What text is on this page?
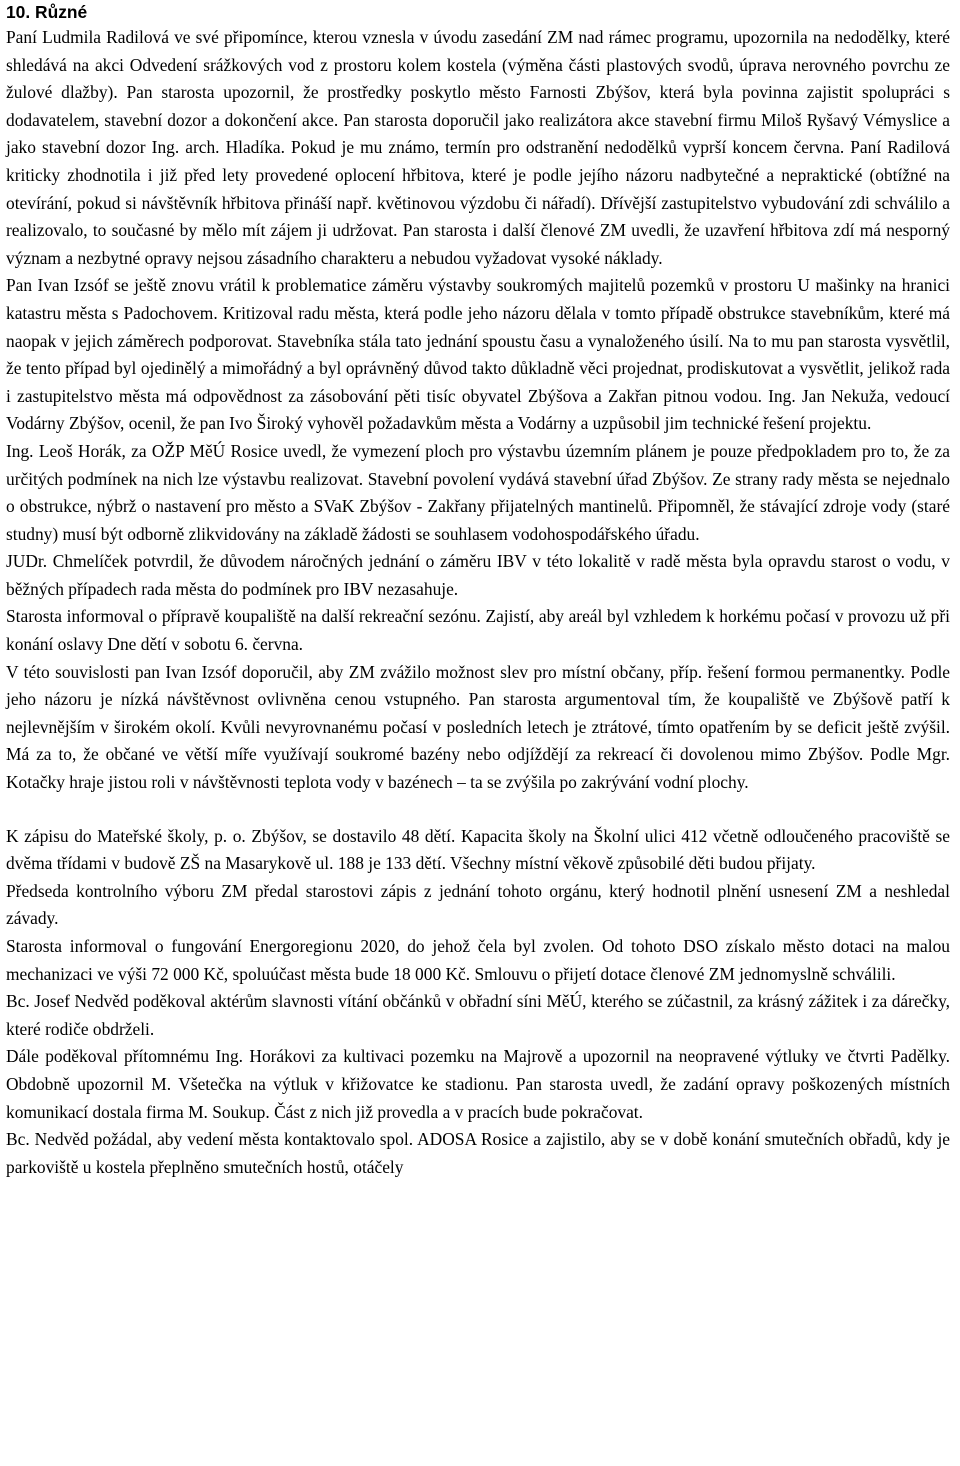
10. Různé

Paní Ludmila Radilová ve své připomínce, kterou vznesla v úvodu zasedání ZM nad rámec programu, upozornila na nedodělky, které shledává na akci Odvedení srážkových vod z prostoru kolem kostela (výměna části plastových svodů, úprava nerovného povrchu ze žulové dlažby). Pan starosta upozornil, že prostředky poskytlo město Farnosti Zbýšov, která byla povinna zajistit spolupráci s dodavatelem, stavební dozor a dokončení akce. Pan starosta doporučil jako realizátora akce stavební firmu Miloš Ryšavý Vémyslice a jako stavební dozor Ing. arch. Hladíka. Pokud je mu známo, termín pro odstranění nedodělků vyprší koncem června. Paní Radilová kriticky zhodnotila i již před lety provedené oplocení hřbitova, které je podle jejího názoru nadbytečné a nepraktické (obtížné na otevírání, pokud si návštěvník hřbitova přináší např. květinovou výzdobu či nářadí). Dřívější zastupitelstvo vybudování zdi schválilo a realizovalo, to současné by mělo mít zájem ji udržovat. Pan starosta i další členové ZM uvedli, že uzavření hřbitova zdí má nesporný význam a nezbytné opravy nejsou zásadního charakteru a nebudou vyžadovat vysoké náklady.

Pan Ivan Izsóf se ještě znovu vrátil k problematice záměru výstavby soukromých majitelů pozemků v prostoru U mašinky na hranici katastru města s Padochovem. Kritizoval radu města, která podle jeho názoru dělala v tomto případě obstrukce stavebníkům, které má naopak v jejich záměrech podporovat. Stavebníka stála tato jednání spoustu času a vynaloženého úsilí. Na to mu pan starosta vysvětlil, že tento případ byl ojedinělý a mimořádný a byl oprávněný důvod takto důkladně věci projednat, prodiskutovat a vysvětlit, jelikož rada i zastupitelstvo města má odpovědnost za zásobování pěti tisíc obyvatel Zbýšova a Zakřan pitnou vodou. Ing. Jan Nekuža, vedoucí Vodárny Zbýšov, ocenil, že pan Ivo Široký vyhověl požadavkům města a Vodárny a uzpůsobil jim technické řešení projektu.

Ing. Leoš Horák, za OŽP MěÚ Rosice uvedl, že vymezení ploch pro výstavbu územním plánem je pouze předpokladem pro to, že za určitých podmínek na nich lze výstavbu realizovat. Stavební povolení vydává stavební úřad Zbýšov. Ze strany rady města se nejednalo o obstrukce, nýbrž o nastavení pro město a SVaK Zbýšov - Zakřany přijatelných mantinelů. Připomněl, že stávající zdroje vody (staré studny) musí být odborně zlikvidovány na základě žádosti se souhlasem vodohospodářského úřadu.

JUDr. Chmelíček potvrdil, že důvodem náročných jednání o záměru IBV v této lokalitě v radě města byla opravdu starost o vodu, v běžných případech rada města do podmínek pro IBV nezasahuje.

Starosta informoval o přípravě koupaliště na další rekreační sezónu. Zajistí, aby areál byl vzhledem k horkému počasí v provozu už při konání oslavy Dne dětí v sobotu 6. června.

V této souvislosti pan Ivan Izsóf doporučil, aby ZM zvážilo možnost slev pro místní občany, příp. řešení formou permanentky. Podle jeho názoru je nízká návštěvnost ovlivněna cenou vstupného. Pan starosta argumentoval tím, že koupaliště ve Zbýšově patří k nejlevnějším v širokém okolí. Kvůli nevyrovnanému počasí v posledních letech je ztrátové, tímto opatřením by se deficit ještě zvýšil. Má za to, že občané ve větší míře využívají soukromé bazény nebo odjíždějí za rekreací či dovolenou mimo Zbýšov. Podle Mgr. Kotačky hraje jistou roli v návštěvnosti teplota vody v bazénech – ta se zvýšila po zakrývání vodní plochy.

K zápisu do Mateřské školy, p. o. Zbýšov, se dostavilo 48 dětí. Kapacita školy na Školní ulici 412 včetně odloučeného pracoviště se dvěma třídami v budově ZŠ na Masarykově ul. 188 je 133 dětí. Všechny místní věkově způsobilé děti budou přijaty.

Předseda kontrolního výboru ZM předal starostovi zápis z jednání tohoto orgánu, který hodnotil plnění usnesení ZM a neshledal závady.

Starosta informoval o fungování Energoregionu 2020, do jehož čela byl zvolen. Od tohoto DSO získalo město dotaci na malou mechanizaci ve výši 72 000 Kč, spoluúčast města bude 18 000 Kč. Smlouvu o přijetí dotace členové ZM jednomyslně schválili.

Bc. Josef Nedvěd poděkoval aktérům slavnosti vítání občánků v obřadní síni MěÚ, kterého se zúčastnil, za krásný zážitek i za dárečky, které rodiče obdrželi.

Dále poděkoval přítomnému Ing. Horákovi za kultivaci pozemku na Majrově a upozornil na neopravené výtluky ve čtvrti Padělky. Obdobně upozornil M. Všetečka na výtluk v křižovatce ke stadionu. Pan starosta uvedl, že zadání opravy poškozených místních komunikací dostala firma M. Soukup. Část z nich již provedla a v pracích bude pokračovat.

Bc. Nedvěd požádal, aby vedení města kontaktovalo spol. ADOSA Rosice a zajistilo, aby se v době konání smutečních obřadů, kdy je parkoviště u kostela přeplněno smutečních hostů, otáčely
